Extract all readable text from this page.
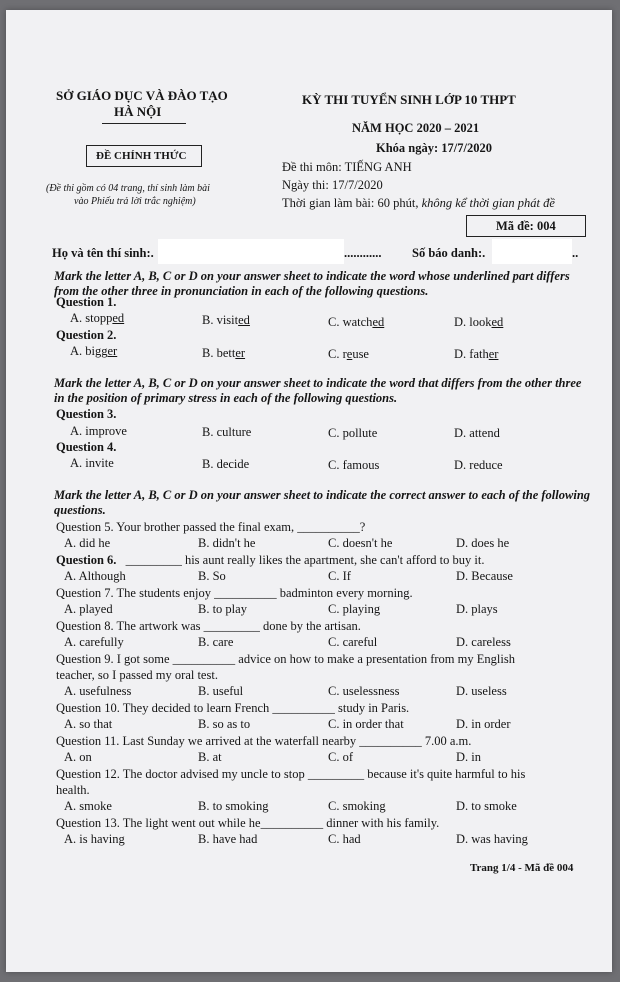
SỞ GIÁO DỤC VÀ ĐÀO TẠO
HÀ NỘI
ĐỀ CHÍNH THỨC
(Đề thi gồm có 04 trang, thí sinh làm bài
vào Phiếu trả lời trắc nghiệm)
KỲ THI TUYỂN SINH LỚP 10 THPT
NĂM HỌC 2020 – 2021
Khóa ngày: 17/7/2020
Đề thi môn: TIẾNG ANH
Ngày thi: 17/7/2020
Thời gian làm bài: 60 phút, không kể thời gian phát đề
Mã đề: 004
Họ và tên thí sinh:.	............ Số báo danh:.	..
Mark the letter A, B, C or D on your answer sheet to indicate the word whose underlined part differs from the other three in pronunciation in each of the following questions.
Question 1.
A. stopped	B. visited	C. watched	D. looked
Question 2.
A. bigger	B. better	C. reuse	D. father
Mark the letter A, B, C or D on your answer sheet to indicate the word that differs from the other three in the position of primary stress in each of the following questions.
Question 3.
A. improve	B. culture	C. pollute	D. attend
Question 4.
A. invite	B. decide	C. famous	D. reduce
Mark the letter A, B, C or D on your answer sheet to indicate the correct answer to each of the following questions.
Question 5. Your brother passed the final exam, __________?
A. did he	B. didn't he	C. doesn't he	D. does he
Question 6. _________ his aunt really likes the apartment, she can't afford to buy it.
A. Although	B. So	C. If	D. Because
Question 7. The students enjoy __________ badminton every morning.
A. played	B. to play	C. playing	D. plays
Question 8. The artwork was _________ done by the artisan.
A. carefully	B. care	C. careful	D. careless
Question 9. I got some __________ advice on how to make a presentation from my English
teacher, so I passed my oral test.
A. usefulness	B. useful	C. uselessness	D. useless
Question 10. They decided to learn French __________ study in Paris.
A. so that	B. so as to	C. in order that	D. in order
Question 11. Last Sunday we arrived at the waterfall nearby __________ 7.00 a.m.
A. on	B. at	C. of	D. in
Question 12. The doctor advised my uncle to stop _________ because it's quite harmful to his
health.
A. smoke	B. to smoking	C. smoking	D. to smoke
Question 13. The light went out while he__________ dinner with his family.
A. is having	B. have had	C. had	D. was having
Trang 1/4 - Mã đề 004
